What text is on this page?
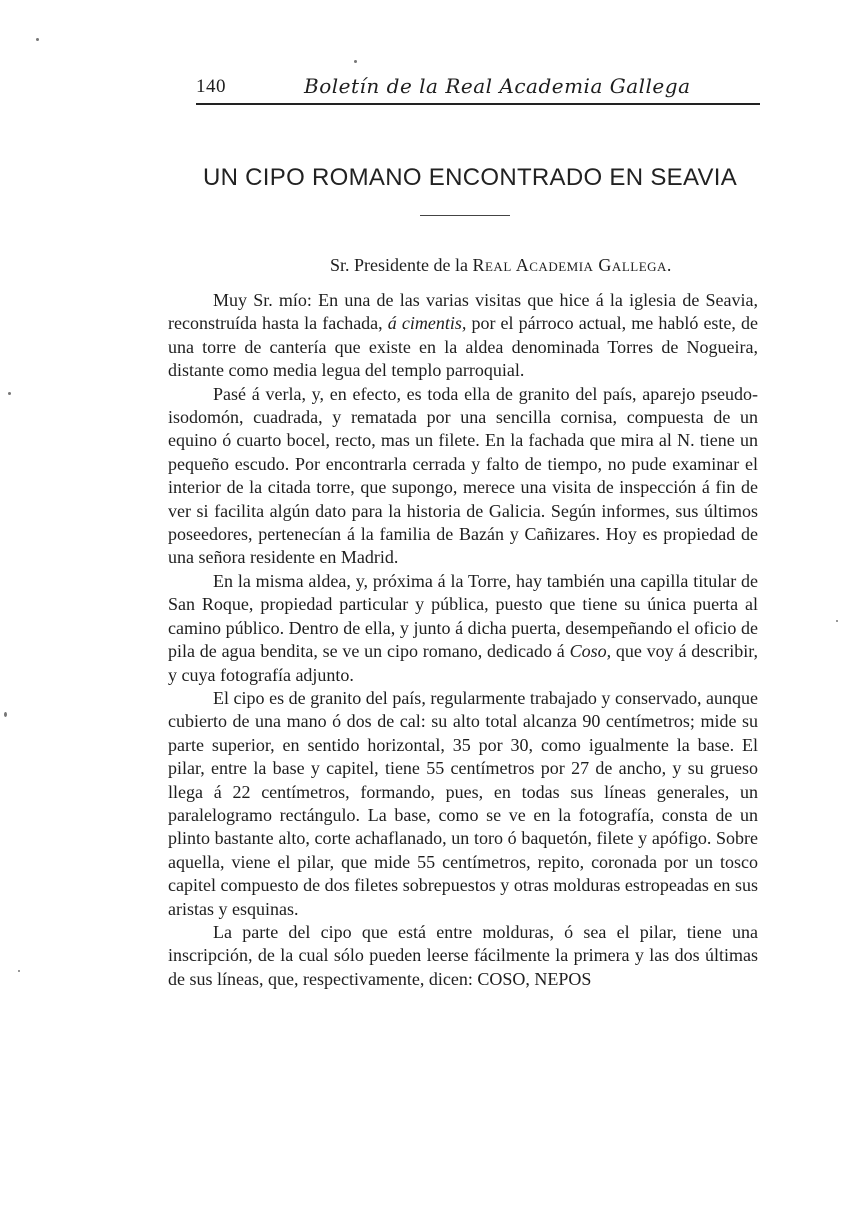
140	Boletín de la Real Academia Gallega
UN CIPO ROMANO ENCONTRADO EN SEAVIA
Sr. Presidente de la Real Academia Gallega.

Muy Sr. mío: En una de las varias visitas que hice á la iglesia de Seavia, reconstruída hasta la fachada, á cimentis, por el párroco actual, me habló este, de una torre de cantería que existe en la aldea denominada Torres de Nogueira, distante como media legua del templo parroquial.

Pasé á verla, y, en efecto, es toda ella de granito del país, aparejo pseudo-isodomón, cuadrada, y rematada por una sencilla cornisa, compuesta de un equino ó cuarto bocel, recto, mas un filete. En la fachada que mira al N. tiene un pequeño escudo. Por encontrarla cerrada y falto de tiempo, no pude examinar el interior de la citada torre, que supongo, merece una visita de inspección á fin de ver si facilita algún dato para la historia de Galicia. Según informes, sus últimos poseedores, pertenecían á la familia de Bazán y Cañizares. Hoy es propiedad de una señora residente en Madrid.

En la misma aldea, y, próxima á la Torre, hay también una capilla titular de San Roque, propiedad particular y pública, puesto que tiene su única puerta al camino público. Dentro de ella, y junto á dicha puerta, desempeñando el oficio de pila de agua bendita, se ve un cipo romano, dedicado á Coso, que voy á describir, y cuya fotografía adjunto.

El cipo es de granito del país, regularmente trabajado y conservado, aunque cubierto de una mano ó dos de cal: su alto total alcanza 90 centímetros; mide su parte superior, en sentido horizontal, 35 por 30, como igualmente la base. El pilar, entre la base y capitel, tiene 55 centímetros por 27 de ancho, y su grueso llega á 22 centímetros, formando, pues, en todas sus líneas generales, un paralelogramo rectángulo. La base, como se ve en la fotografía, consta de un plinto bastante alto, corte achaflanado, un toro ó baquetón, filete y apófigo. Sobre aquella, viene el pilar, que mide 55 centímetros, repito, coronada por un tosco capitel compuesto de dos filetes sobrepuestos y otras molduras estropeadas en sus aristas y esquinas.

La parte del cipo que está entre molduras, ó sea el pilar, tiene una inscripción, de la cual sólo pueden leerse fácilmente la primera y las dos últimas de sus líneas, que, respectivamente, dicen: COSO, NEPOS
